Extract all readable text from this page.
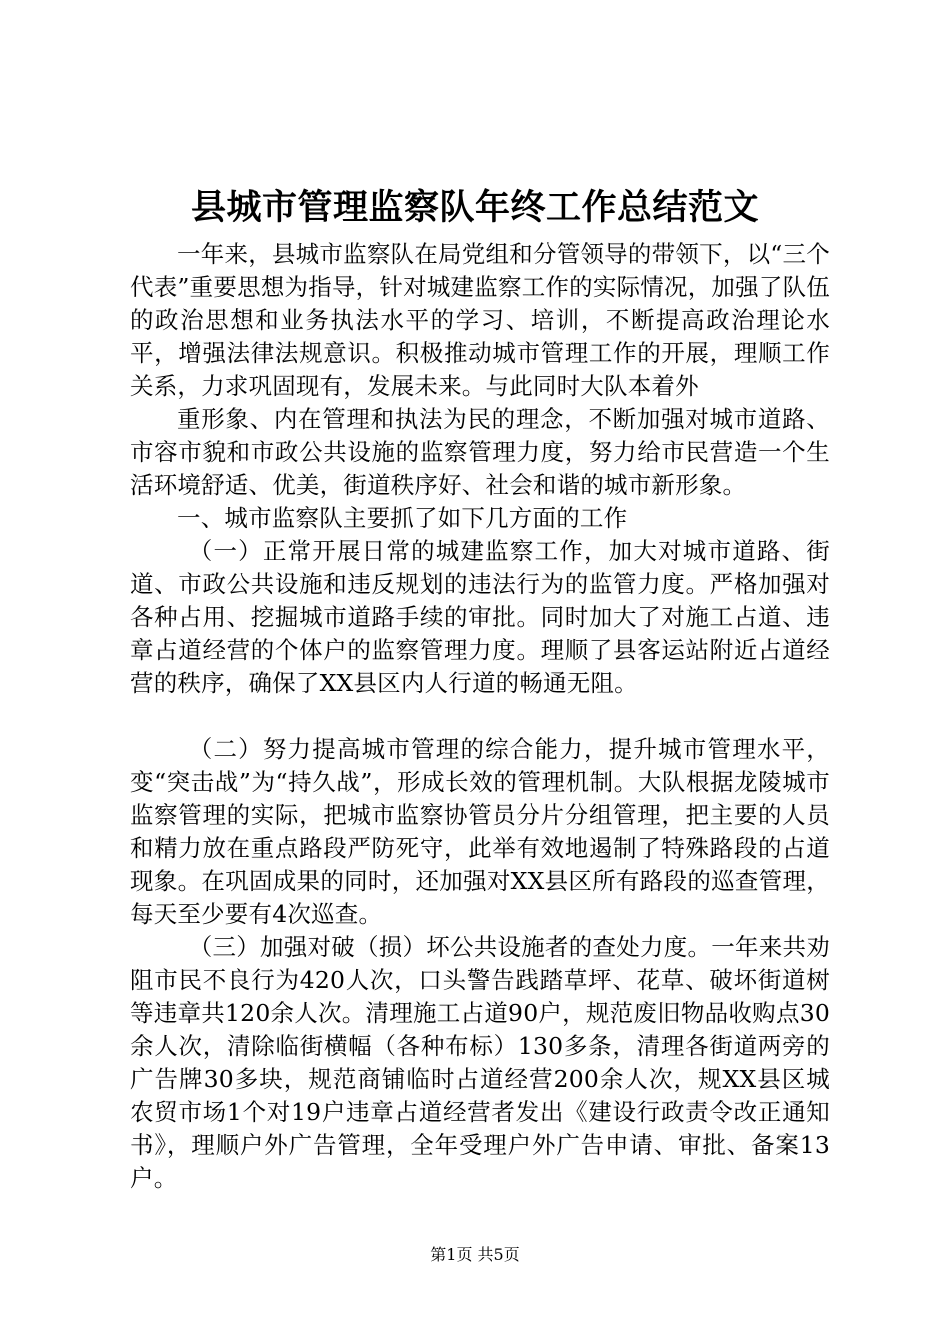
县城市管理监察队年终工作总结范文

一年来，县城市监察队在局党组和分管领导的带领下，以“三个代表”重要思想为指导，针对城建监察工作的实际情况，加强了队伍的政治思想和业务执法水平的学习、培训，不断提高政治理论水平，增强法律法规意识。积极推动城市管理工作的开展，理顺工作关系，力求巩固现有，发展未来。与此同时大队本着外

重形象、内在管理和执法为民的理念，不断加强对城市道路、市容市貌和市政公共设施的监察管理力度，努力给市民营造一个生活环境舒适、优美，街道秩序好、社会和谐的城市新形象。

一、城市监察队主要抓了如下几方面的工作

（一）正常开展日常的城建监察工作，加大对城市道路、街道、市政公共设施和违反规划的违法行为的监管力度。严格加强对各种占用、挖掘城市道路手续的审批。同时加大了对施工占道、违章占道经营的个体户的监察管理力度。理顺了县客运站附近占道经营的秩序，确保了XX县区内人行道的畅通无阻。

（二）努力提高城市管理的综合能力，提升城市管理水平，变“突击战”为“持久战”，形成长效的管理机制。大队根据龙陵城市监察管理的实际，把城市监察协管员分片分组管理，把主要的人员和精力放在重点路段严防死守，此举有效地遏制了特殊路段的占道现象。在巩固成果的同时，还加强对XX县区所有路段的巡查管理，每天至少要有4次巡查。

（三）加强对破（损）坏公共设施者的查处力度。一年来共劝阻市民不良行为420人次，口头警告践踏草坪、花草、破坏街道树等违章共120余人次。清理施工占道90户，规范废旧物品收购点30余人次，清除临街横幅（各种布标）130多条，清理各街道两旁的广告牌30多块，规范商铺临时占道经营200余人次，规XX县区城农贸市场1个对19户违章占道经营者发出《建设行政责令改正通知书》，理顺户外广告管理，全年受理户外广告申请、审批、备案13户。

第1页 共5页
